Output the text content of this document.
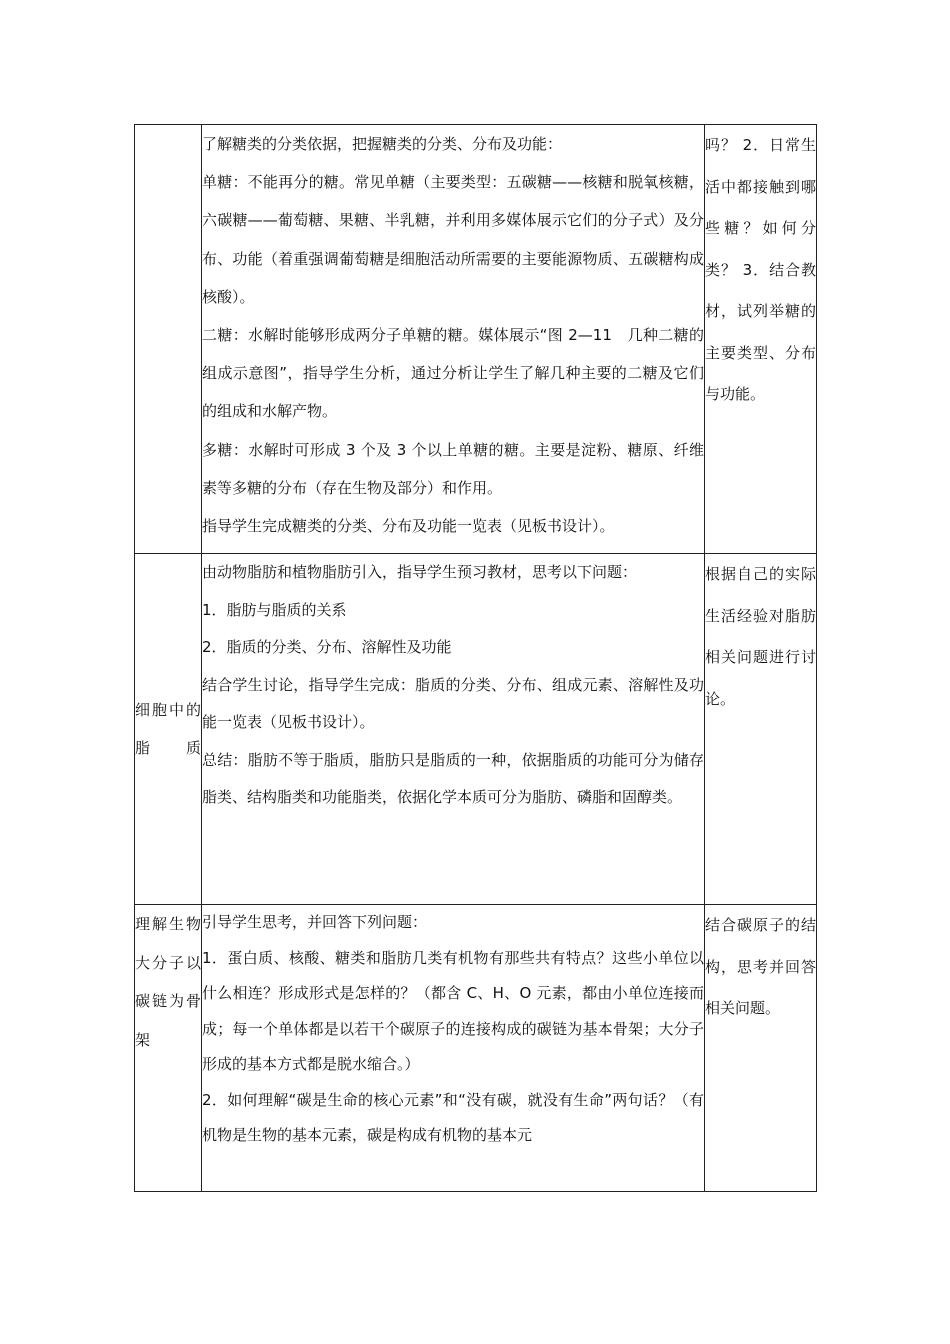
	了解糖类的分类依据，把握糖类的分类、分布及功能：

单糖：不能再分的糖。常见单糖（主要类型：五碳糖——核糖和脱氧核糖，六碳糖——葡萄糖、果糖、半乳糖，并利用多媒体展示它们的分子式）及分布、功能（着重强调葡萄糖是细胞活动所需要的主要能源物质、五碳糖构成核酸）。

二糖：水解时能够形成两分子单糖的糖。媒体展示“图 2—11　几种二糖的组成示意图”，指导学生分析，通过分析让学生了解几种主要的二糖及它们的组成和水解产物。

多糖：水解时可形成 3 个及 3 个以上单糖的糖。主要是淀粉、糖原、纤维素等多糖的分布（存在生物及部分）和作用。

指导学生完成糖类的分类、分布及功能一览表（见板书设计）。	吗？ 2．日常生活中都接触到哪些糖？如何分类？ 3．结合教材，试列举糖的主要类型、分布与功能。
细胞中的脂质	由动物脂肪和植物脂肪引入，指导学生预习教材，思考以下问题：

1．脂肪与脂质的关系

2．脂质的分类、分布、溶解性及功能

结合学生讨论，指导学生完成：脂质的分类、分布、组成元素、溶解性及功能一览表（见板书设计）。

总结：脂肪不等于脂质，脂肪只是脂质的一种，依据脂质的功能可分为储存脂类、结构脂类和功能脂类，依据化学本质可分为脂肪、磷脂和固醇类。	根据自己的实际生活经验对脂肪相关问题进行讨论。
理解生物大分子以碳链为骨架	引导学生思考，并回答下列问题：

1．蛋白质、核酸、糖类和脂肪几类有机物有那些共有特点？这些小单位以什么相连？形成形式是怎样的？（都含 C、H、O 元素，都由小单位连接而成；每一个单体都是以若干个碳原子的连接构成的碳链为基本骨架；大分子形成的基本方式都是脱水缩合。）

2．如何理解“碳是生命的核心元素”和“没有碳，就没有生命”两句话？（有机物是生物的基本元素，碳是构成有机物的基本元	结合碳原子的结构，思考并回答相关问题。
